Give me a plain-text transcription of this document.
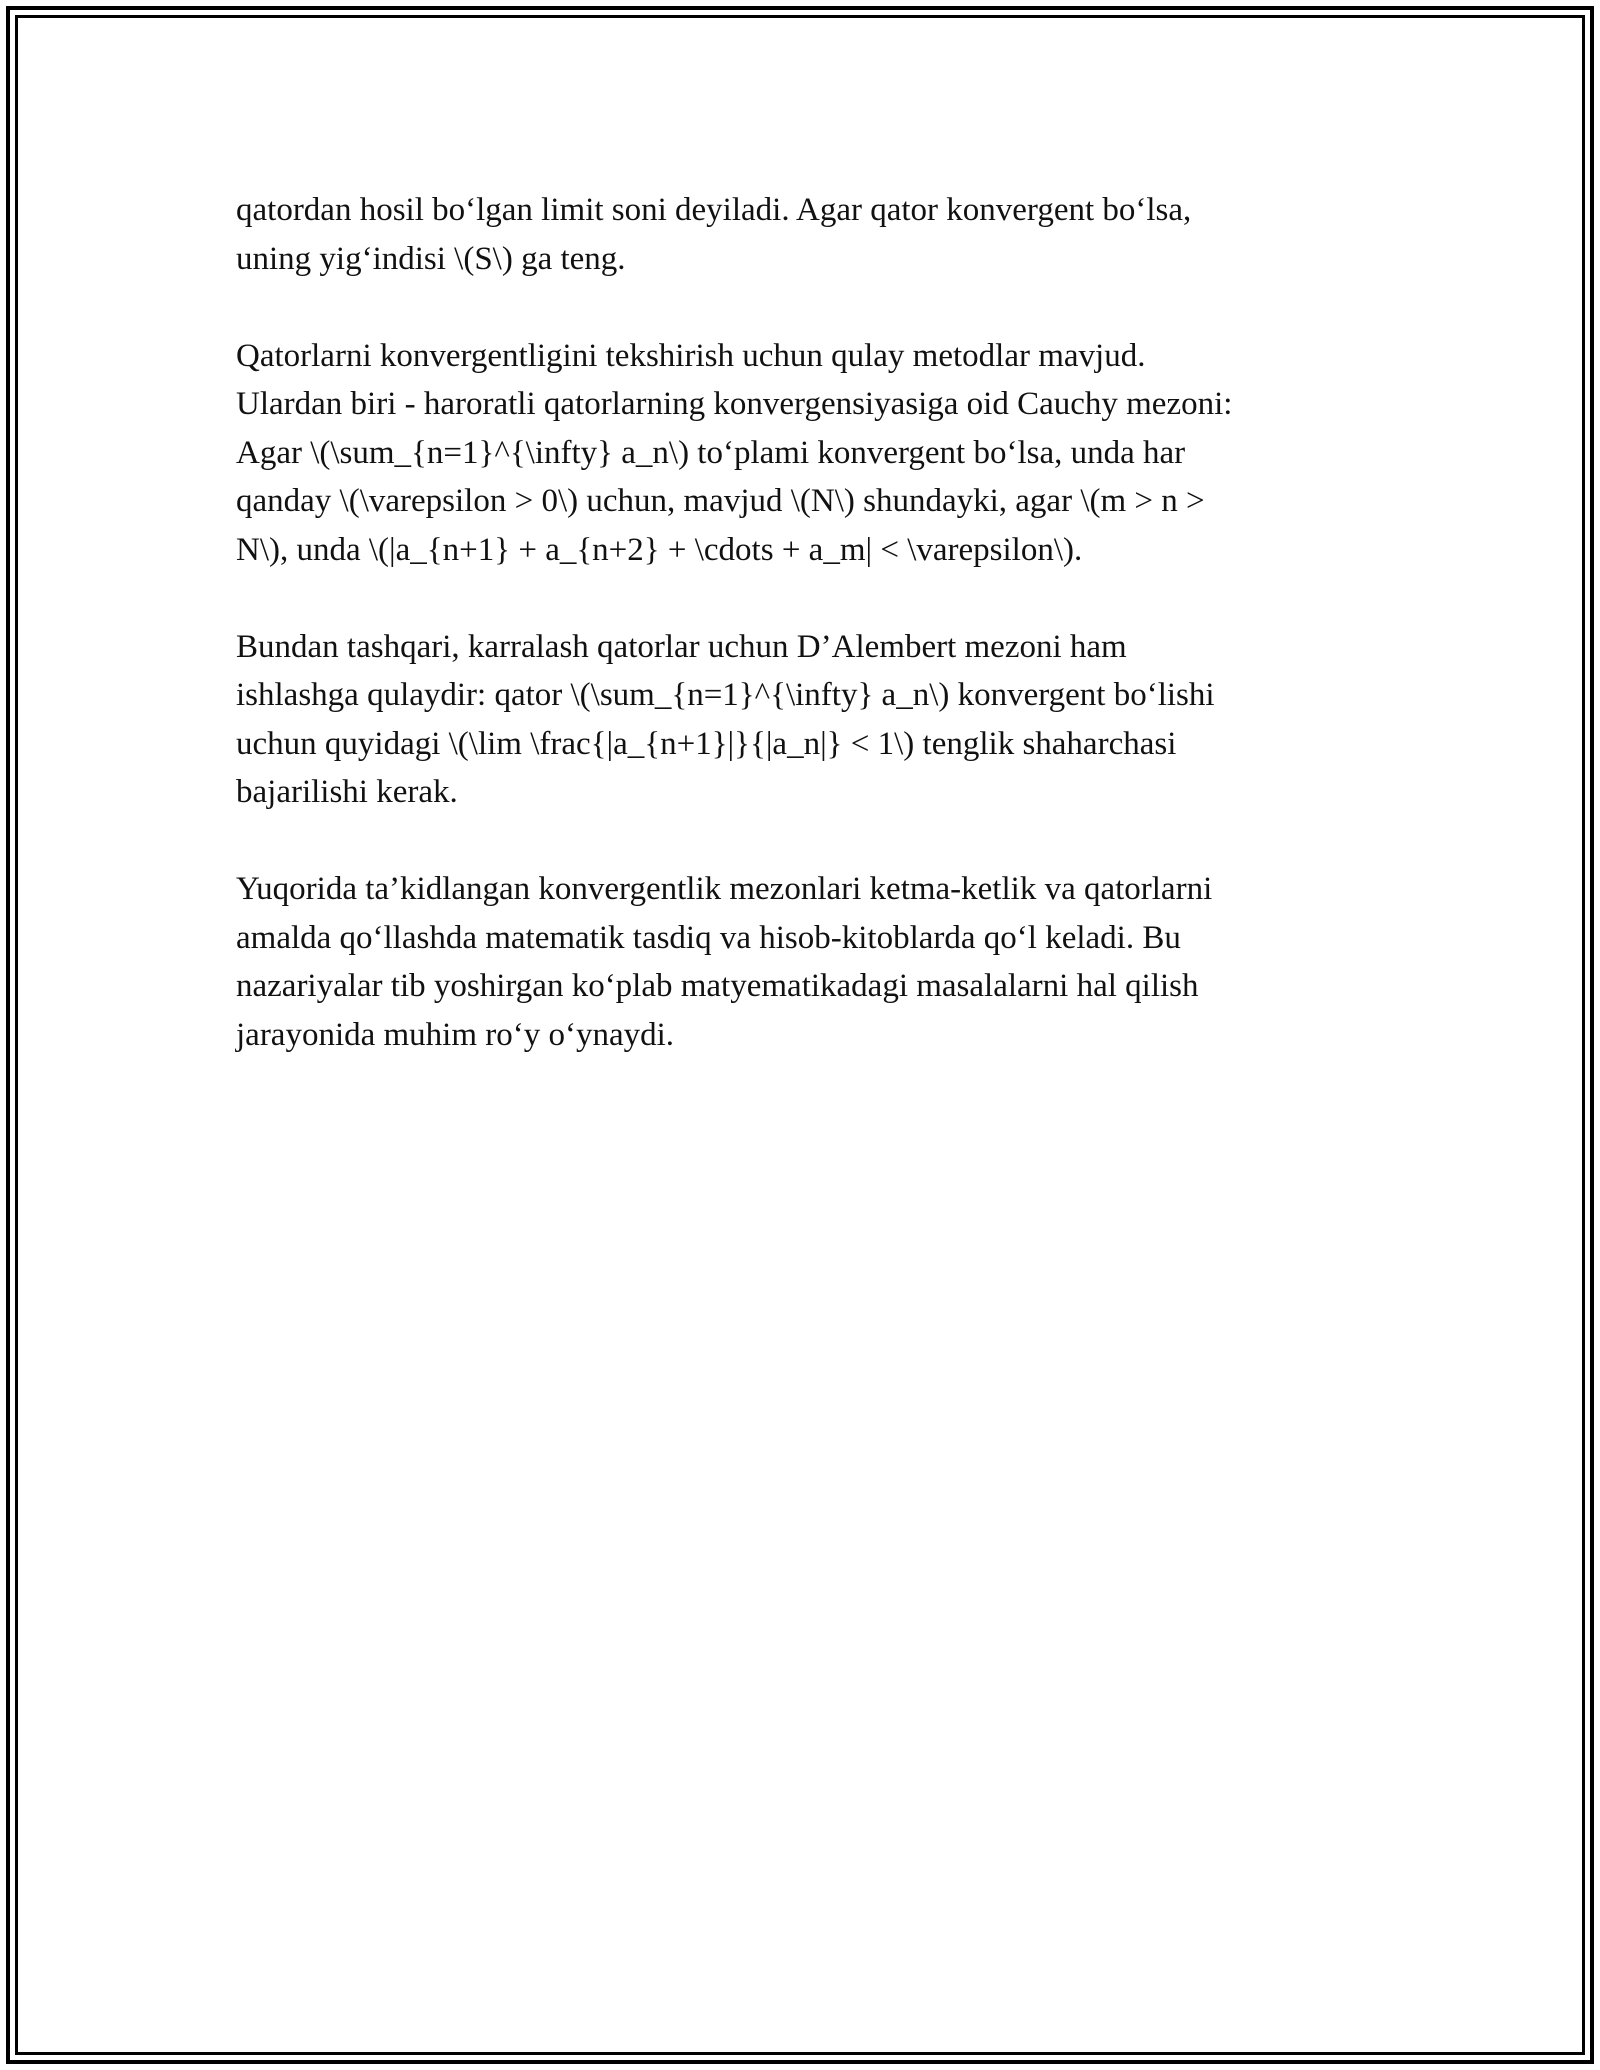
qatordan hosil bo‘lgan limit soni deyiladi. Agar qator konvergent bo‘lsa,
uning yig‘indisi \(S\) ga teng.

Qatorlarni konvergentligini tekshirish uchun qulay metodlar mavjud.
Ulardan biri - haroratli qatorlarning konvergensiyasiga oid Cauchy mezoni:
Agar \(\sum_{n=1}^{\infty} a_n\) to‘plami konvergent bo‘lsa, unda har
qanday \(\varepsilon > 0\) uchun, mavjud \(N\) shundayki, agar \(m > n >
N\), unda \(|a_{n+1} + a_{n+2} + \cdots + a_m| < \varepsilon\).

Bundan tashqari, karralash qatorlar uchun D’Alembert mezoni ham
ishlashga qulaydir: qator \(\sum_{n=1}^{\infty} a_n\) konvergent bo‘lishi
uchun quyidagi \(\lim \frac{|a_{n+1}|}{|a_n|} < 1\) tenglik shaharchasi
bajarilishi kerak.

Yuqorida ta’kidlangan konvergentlik mezonlari ketma-ketlik va qatorlarni
amalda qo‘llashda matematik tasdiq va hisob-kitoblarda qo‘l keladi. Bu
nazariyalar tib yoshirgan ko‘plab matyematikadagi masalalarni hal qilish
jarayonida muhim ro‘y o‘ynaydi.
